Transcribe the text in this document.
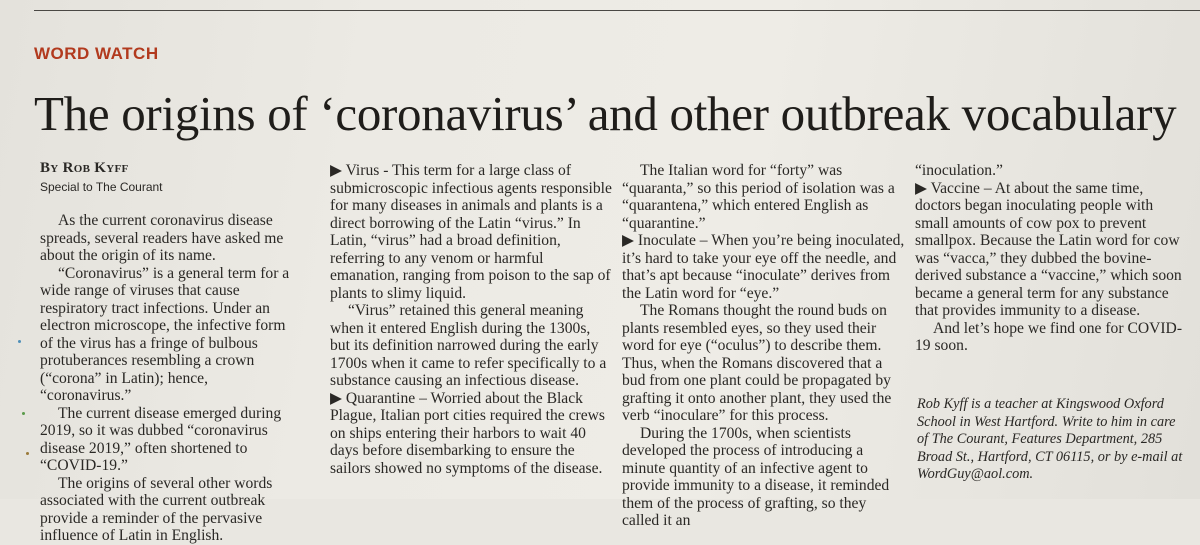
WORD WATCH
The origins of ‘coronavirus’ and other outbreak vocabulary
By Rob Kyff
Special to The Courant

As the current coronavirus disease spreads, several readers have asked me about the origin of its name.

“Coronavirus” is a general term for a wide range of viruses that cause respiratory tract infections. Under an electron microscope, the infective form of the virus has a fringe of bulbous protuberances resembling a crown (“corona” in Latin); hence, “coronavirus.”

The current disease emerged during 2019, so it was dubbed “coronavirus disease 2019,” often shortened to “COVID-19.”

The origins of several other words associated with the current outbreak provide a reminder of the pervasive influence of Latin in English.

▶ Virus - This term for a large class of submicroscopic infectious agents responsible for many diseases in animals and plants is a direct borrowing of the Latin “virus.” In Latin, “virus” had a broad definition, referring to any venom or harmful emanation, ranging from poison to the sap of plants to slimy liquid.

“Virus” retained this general meaning when it entered English during the 1300s, but its definition narrowed during the early 1700s when it came to refer specifically to a substance causing an infectious disease.

▶ Quarantine – Worried about the Black Plague, Italian port cities required the crews on ships entering their harbors to wait 40 days before disembarking to ensure the sailors showed no symptoms of the disease.

The Italian word for “forty” was “quaranta,” so this period of isolation was a “quarantena,” which entered English as “quarantine.”

▶ Inoculate – When you’re being inoculated, it’s hard to take your eye off the needle, and that’s apt because “inoculate” derives from the Latin word for “eye.”

The Romans thought the round buds on plants resembled eyes, so they used their word for eye (“oculus”) to describe them. Thus, when the Romans discovered that a bud from one plant could be propagated by grafting it onto another plant, they used the verb “inoculare” for this process.

During the 1700s, when scientists developed the process of introducing a minute quantity of an infective agent to provide immunity to a disease, it reminded them of the process of grafting, so they called it an

“inoculation.”

▶ Vaccine – At about the same time, doctors began inoculating people with small amounts of cow pox to prevent smallpox. Because the Latin word for cow was “vacca,” they dubbed the bovine-derived substance a “vaccine,” which soon became a general term for any substance that provides immunity to a disease.

And let’s hope we find one for COVID-19 soon.

Rob Kyff is a teacher at Kingswood Oxford School in West Hartford. Write to him in care of The Courant, Features Department, 285 Broad St., Hartford, CT 06115, or by e-mail at WordGuy@aol.com.
